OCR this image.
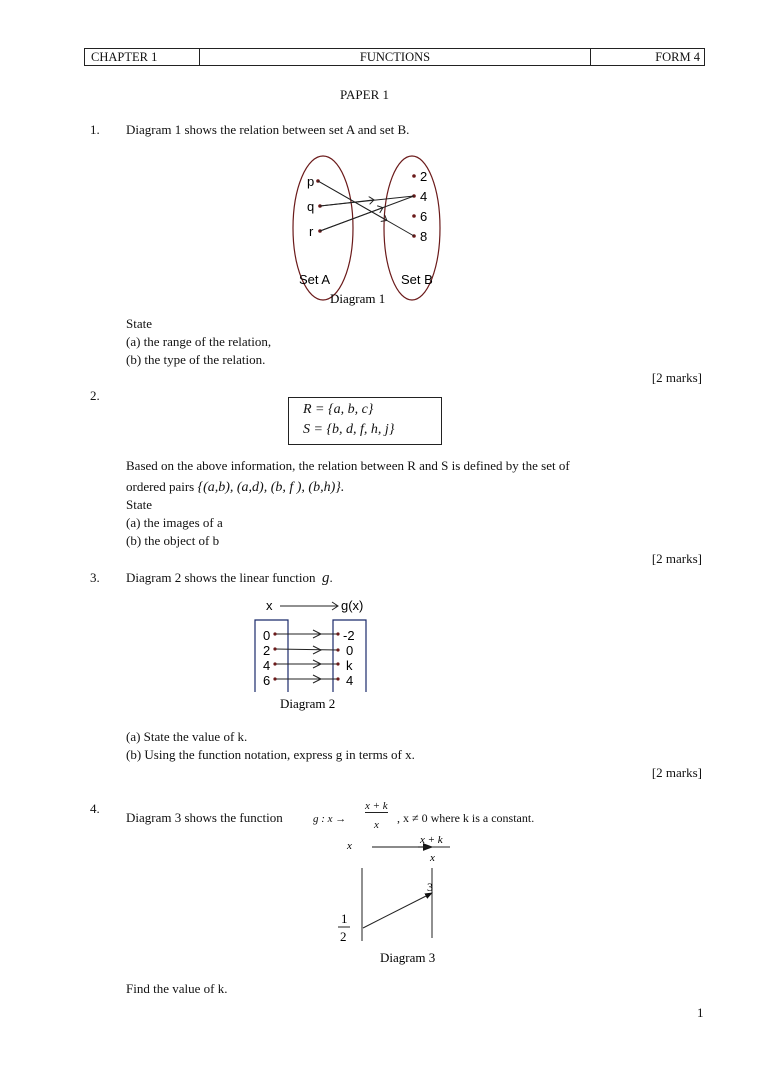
CHAPTER 1	FUNCTIONS	FORM 4
PAPER 1
1. Diagram 1 shows the relation between set A and set B.
p
q
r
2
4
6
8
Set A	Set B
Diagram 1
x	g(x)
0
2
4
6
-2
0
k
4
Diagram 2
x	x + k
x
3
1
2
Diagram 3
State
(a) the range of the relation,
(b) the type of the relation.
[2 marks]
2.
R = {a, b, c}
S = {b, d, f, h, j}
Based on the above information, the relation between R and S is defined by the set of
ordered pairs {(a,b), (a,d), (b, f ), (b,h)}.
State
(a) the images of a
(b) the object of b
[2 marks]
3. Diagram 2 shows the linear function g.
(a) State the value of k.
(b) Using the function notation, express g in terms of x.
[2 marks]
4.
Diagram 3 shows the function	g : x →
x + k
x , x ≠ 0 where k is a constant.
Find the value of k.
1
